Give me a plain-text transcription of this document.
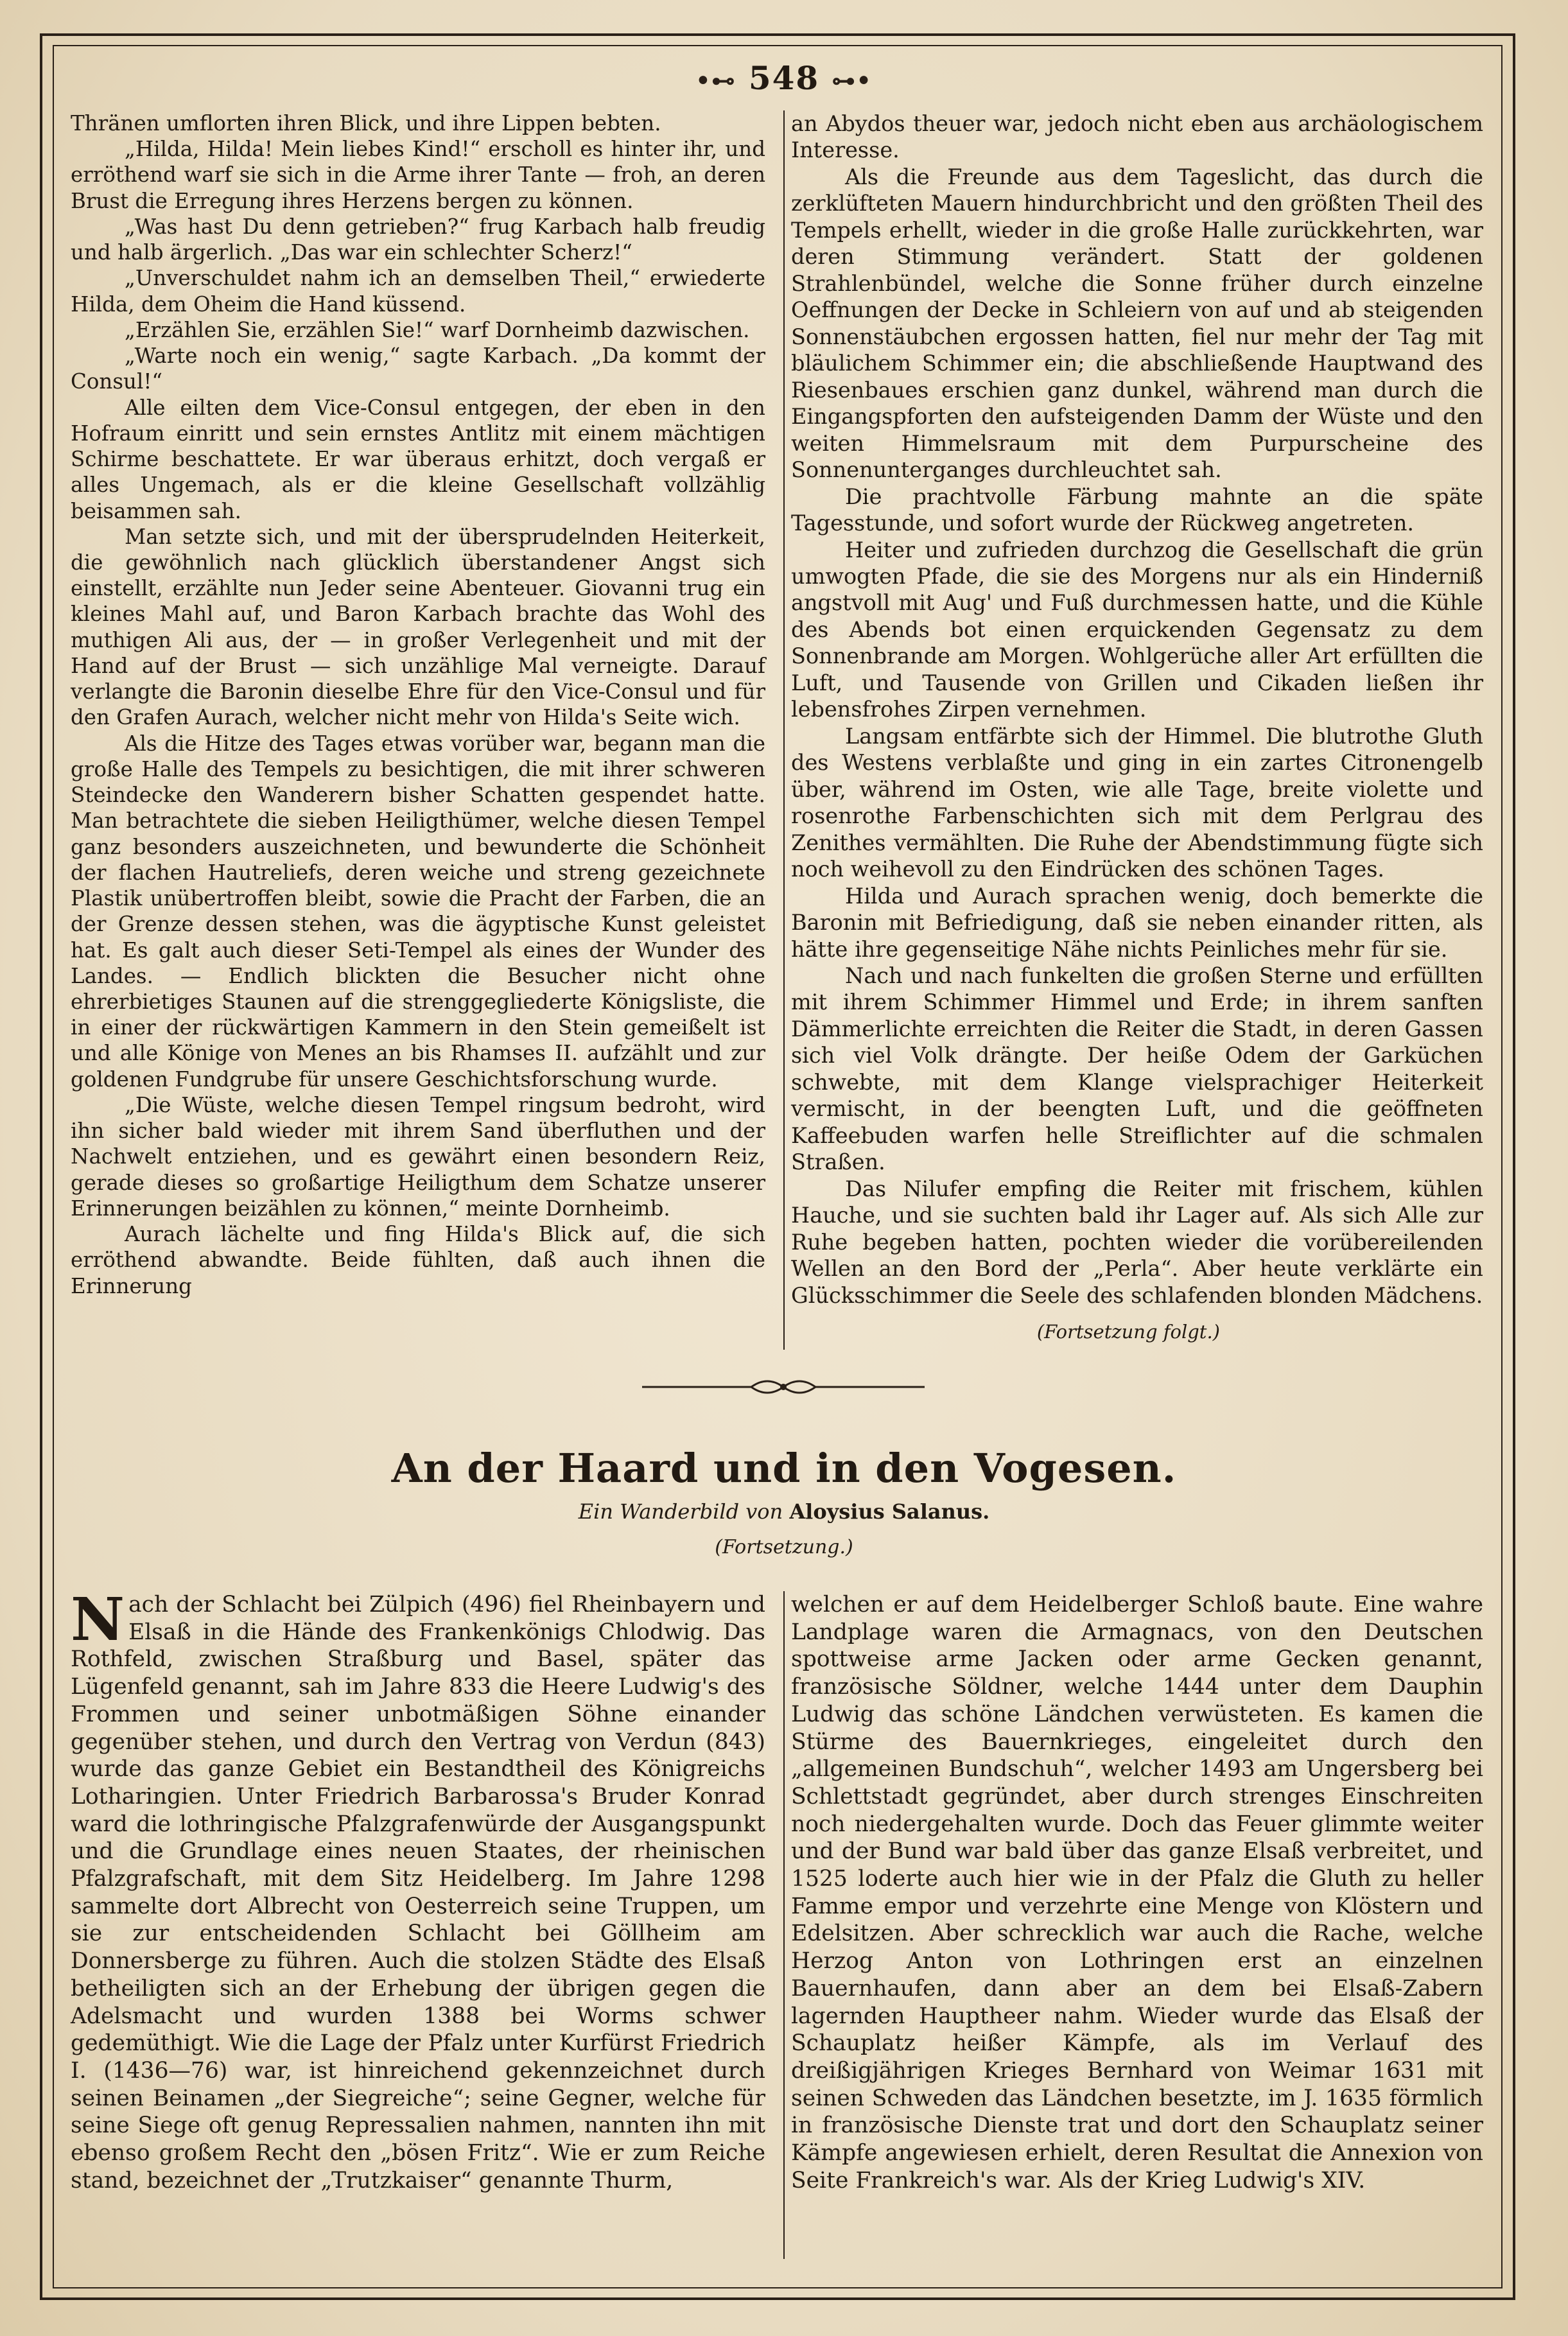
•⊷ 548 ⊶•

Thränen umflorten ihren Blick, und ihre Lippen bebten.

„Hilda, Hilda! Mein liebes Kind!“ erscholl es hinter ihr, und erröthend warf sie sich in die Arme ihrer Tante — froh, an deren Brust die Erregung ihres Herzens bergen zu können.

„Was hast Du denn getrieben?“ frug Karbach halb freudig und halb ärgerlich. „Das war ein schlechter Scherz!“

„Unverschuldet nahm ich an demselben Theil,“ erwiederte Hilda, dem Oheim die Hand küssend.

„Erzählen Sie, erzählen Sie!“ warf Dornheimb dazwischen.

„Warte noch ein wenig,“ sagte Karbach. „Da kommt der Consul!“

Alle eilten dem Vice-Consul entgegen, der eben in den Hofraum einritt und sein ernstes Antlitz mit einem mächtigen Schirme beschattete. Er war überaus erhitzt, doch vergaß er alles Ungemach, als er die kleine Gesellschaft vollzählig beisammen sah.

Man setzte sich, und mit der übersprudelnden Heiterkeit, die gewöhnlich nach glücklich überstandener Angst sich einstellt, erzählte nun Jeder seine Abenteuer. Giovanni trug ein kleines Mahl auf, und Baron Karbach brachte das Wohl des muthigen Ali aus, der — in großer Verlegenheit und mit der Hand auf der Brust — sich unzählige Mal verneigte. Darauf verlangte die Baronin dieselbe Ehre für den Vice-Consul und für den Grafen Aurach, welcher nicht mehr von Hilda's Seite wich.

Als die Hitze des Tages etwas vorüber war, begann man die große Halle des Tempels zu besichtigen, die mit ihrer schweren Steindecke den Wanderern bisher Schatten gespendet hatte. Man betrachtete die sieben Heiligthümer, welche diesen Tempel ganz besonders auszeichneten, und bewunderte die Schönheit der flachen Hautreliefs, deren weiche und streng gezeichnete Plastik unübertroffen bleibt, sowie die Pracht der Farben, die an der Grenze dessen stehen, was die ägyptische Kunst geleistet hat. Es galt auch dieser Seti-Tempel als eines der Wunder des Landes. — Endlich blickten die Besucher nicht ohne ehrerbietiges Staunen auf die strenggegliederte Königsliste, die in einer der rückwärtigen Kammern in den Stein gemeißelt ist und alle Könige von Menes an bis Rhamses II. aufzählt und zur goldenen Fundgrube für unsere Geschichtsforschung wurde.

„Die Wüste, welche diesen Tempel ringsum bedroht, wird ihn sicher bald wieder mit ihrem Sand überfluthen und der Nachwelt entziehen, und es gewährt einen besondern Reiz, gerade dieses so großartige Heiligthum dem Schatze unserer Erinnerungen beizählen zu können,“ meinte Dornheimb.

Aurach lächelte und fing Hilda's Blick auf, die sich erröthend abwandte. Beide fühlten, daß auch ihnen die Erinnerung

an Abydos theuer war, jedoch nicht eben aus archäologischem Interesse.

Als die Freunde aus dem Tageslicht, das durch die zerklüfteten Mauern hindurchbricht und den größten Theil des Tempels erhellt, wieder in die große Halle zurückkehrten, war deren Stimmung verändert. Statt der goldenen Strahlenbündel, welche die Sonne früher durch einzelne Oeffnungen der Decke in Schleiern von auf und ab steigenden Sonnenstäubchen ergossen hatten, fiel nur mehr der Tag mit bläulichem Schimmer ein; die abschließende Hauptwand des Riesenbaues erschien ganz dunkel, während man durch die Eingangspforten den aufsteigenden Damm der Wüste und den weiten Himmelsraum mit dem Purpurscheine des Sonnenunterganges durchleuchtet sah.

Die prachtvolle Färbung mahnte an die späte Tagesstunde, und sofort wurde der Rückweg angetreten.

Heiter und zufrieden durchzog die Gesellschaft die grün umwogten Pfade, die sie des Morgens nur als ein Hinderniß angstvoll mit Aug' und Fuß durchmessen hatte, und die Kühle des Abends bot einen erquickenden Gegensatz zu dem Sonnenbrande am Morgen. Wohlgerüche aller Art erfüllten die Luft, und Tausende von Grillen und Cikaden ließen ihr lebensfrohes Zirpen vernehmen.

Langsam entfärbte sich der Himmel. Die blutrothe Gluth des Westens verblaßte und ging in ein zartes Citronengelb über, während im Osten, wie alle Tage, breite violette und rosenrothe Farbenschichten sich mit dem Perlgrau des Zenithes vermählten. Die Ruhe der Abendstimmung fügte sich noch weihevoll zu den Eindrücken des schönen Tages.

Hilda und Aurach sprachen wenig, doch bemerkte die Baronin mit Befriedigung, daß sie neben einander ritten, als hätte ihre gegenseitige Nähe nichts Peinliches mehr für sie.

Nach und nach funkelten die großen Sterne und erfüllten mit ihrem Schimmer Himmel und Erde; in ihrem sanften Dämmerlichte erreichten die Reiter die Stadt, in deren Gassen sich viel Volk drängte. Der heiße Odem der Garküchen schwebte, mit dem Klange vielsprachiger Heiterkeit vermischt, in der beengten Luft, und die geöffneten Kaffeebuden warfen helle Streiflichter auf die schmalen Straßen.

Das Nilufer empfing die Reiter mit frischem, kühlen Hauche, und sie suchten bald ihr Lager auf. Als sich Alle zur Ruhe begeben hatten, pochten wieder die vorübereilenden Wellen an den Bord der „Perla“. Aber heute verklärte ein Glücksschimmer die Seele des schlafenden blonden Mädchens.

(Fortsetzung folgt.)
An der Haard und in den Vogesen.
Ein Wanderbild von Aloysius Salanus.
(Fortsetzung.)
N ach der Schlacht bei Zülpich (496) fiel Rheinbayern und Elsaß in die Hände des Frankenkönigs Chlodwig. Das Rothfeld, zwischen Straßburg und Basel, später das Lügenfeld genannt, sah im Jahre 833 die Heere Ludwig's des Frommen und seiner unbotmäßigen Söhne einander gegenüber stehen, und durch den Vertrag von Verdun (843) wurde das ganze Gebiet ein Bestandtheil des Königreichs Lotharingien. Unter Friedrich Barbarossa's Bruder Konrad ward die lothringische Pfalzgrafenwürde der Ausgangspunkt und die Grundlage eines neuen Staates, der rheinischen Pfalzgrafschaft, mit dem Sitz Heidelberg. Im Jahre 1298 sammelte dort Albrecht von Oesterreich seine Truppen, um sie zur entscheidenden Schlacht bei Göllheim am Donnersberge zu führen. Auch die stolzen Städte des Elsaß betheiligten sich an der Erhebung der übrigen gegen die Adelsmacht und wurden 1388 bei Worms schwer gedemüthigt. Wie die Lage der Pfalz unter Kurfürst Friedrich I. (1436—76) war, ist hinreichend gekennzeichnet durch seinen Beinamen „der Siegreiche“; seine Gegner, welche für seine Siege oft genug Repressalien nahmen, nannten ihn mit ebenso großem Recht den „bösen Fritz“. Wie er zum Reiche stand, bezeichnet der „Trutzkaiser“ genannte Thurm,

welchen er auf dem Heidelberger Schloß baute. Eine wahre Landplage waren die Armagnacs, von den Deutschen spottweise arme Jacken oder arme Gecken genannt, französische Söldner, welche 1444 unter dem Dauphin Ludwig das schöne Ländchen verwüsteten. Es kamen die Stürme des Bauernkrieges, eingeleitet durch den „allgemeinen Bundschuh“, welcher 1493 am Ungersberg bei Schlettstadt gegründet, aber durch strenges Einschreiten noch niedergehalten wurde. Doch das Feuer glimmte weiter und der Bund war bald über das ganze Elsaß verbreitet, und 1525 loderte auch hier wie in der Pfalz die Gluth zu heller Famme empor und verzehrte eine Menge von Klöstern und Edelsitzen. Aber schrecklich war auch die Rache, welche Herzog Anton von Lothringen erst an einzelnen Bauernhaufen, dann aber an dem bei Elsaß-Zabern lagernden Hauptheer nahm. Wieder wurde das Elsaß der Schauplatz heißer Kämpfe, als im Verlauf des dreißigjährigen Krieges Bernhard von Weimar 1631 mit seinen Schweden das Ländchen besetzte, im J. 1635 förmlich in französische Dienste trat und dort den Schauplatz seiner Kämpfe angewiesen erhielt, deren Resultat die Annexion von Seite Frankreich's war. Als der Krieg Ludwig's XIV.
